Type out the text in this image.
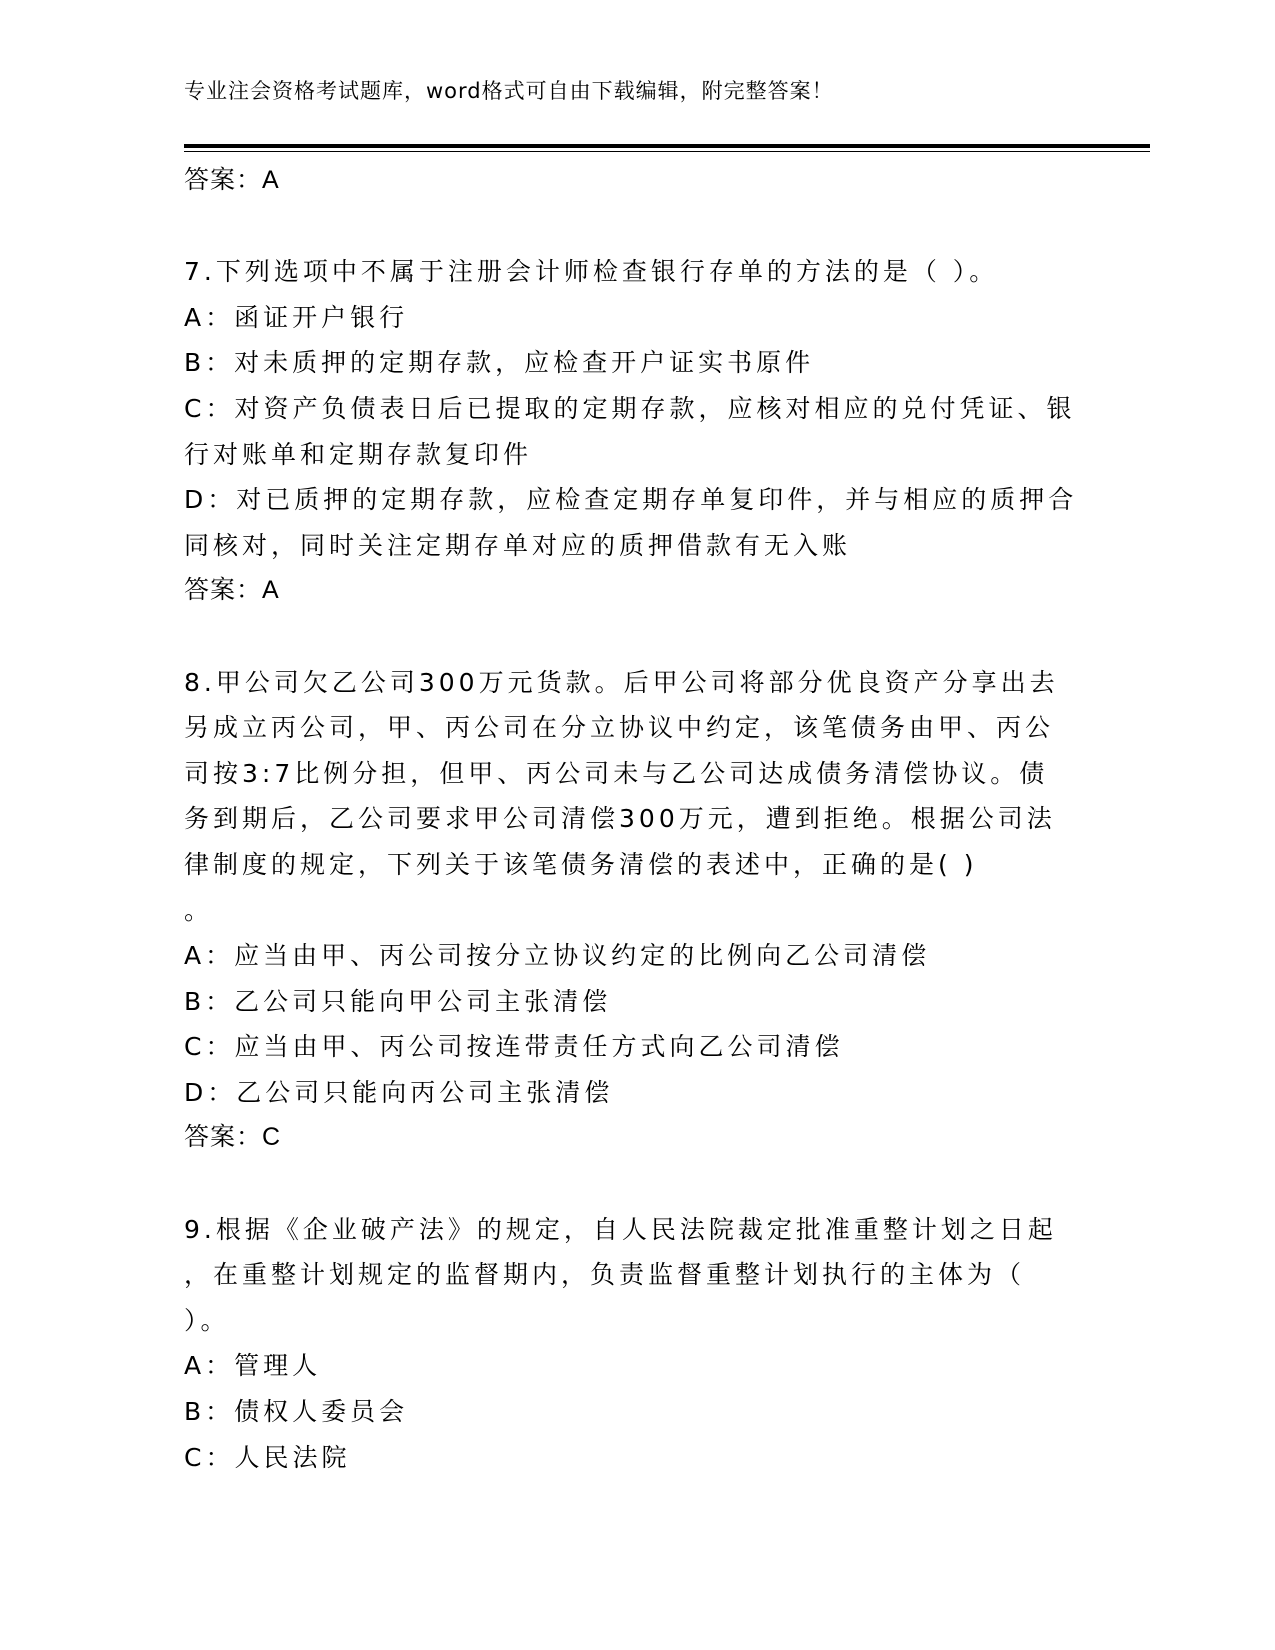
专业注会资格考试题库，word格式可自由下载编辑，附完整答案！
答案：A
7.下列选项中不属于注册会计师检查银行存单的方法的是（ ）。
A：函证开户银行
B：对未质押的定期存款，应检查开户证实书原件
C：对资产负债表日后已提取的定期存款，应核对相应的兑付凭证、银
行对账单和定期存款复印件
D：对已质押的定期存款，应检查定期存单复印件，并与相应的质押合
同核对，同时关注定期存单对应的质押借款有无入账
答案：A
8.甲公司欠乙公司300万元货款。后甲公司将部分优良资产分享出去
另成立丙公司，甲、丙公司在分立协议中约定，该笔债务由甲、丙公
司按3:7比例分担，但甲、丙公司未与乙公司达成债务清偿协议。债
务到期后，乙公司要求甲公司清偿300万元，遭到拒绝。根据公司法
律制度的规定，下列关于该笔债务清偿的表述中，正确的是( )
。
A：应当由甲、丙公司按分立协议约定的比例向乙公司清偿
B：乙公司只能向甲公司主张清偿
C：应当由甲、丙公司按连带责任方式向乙公司清偿
D：乙公司只能向丙公司主张清偿
答案：C
9.根据《企业破产法》的规定，自人民法院裁定批准重整计划之日起
，在重整计划规定的监督期内，负责监督重整计划执行的主体为（
）。
A：管理人
B：债权人委员会
C：人民法院
